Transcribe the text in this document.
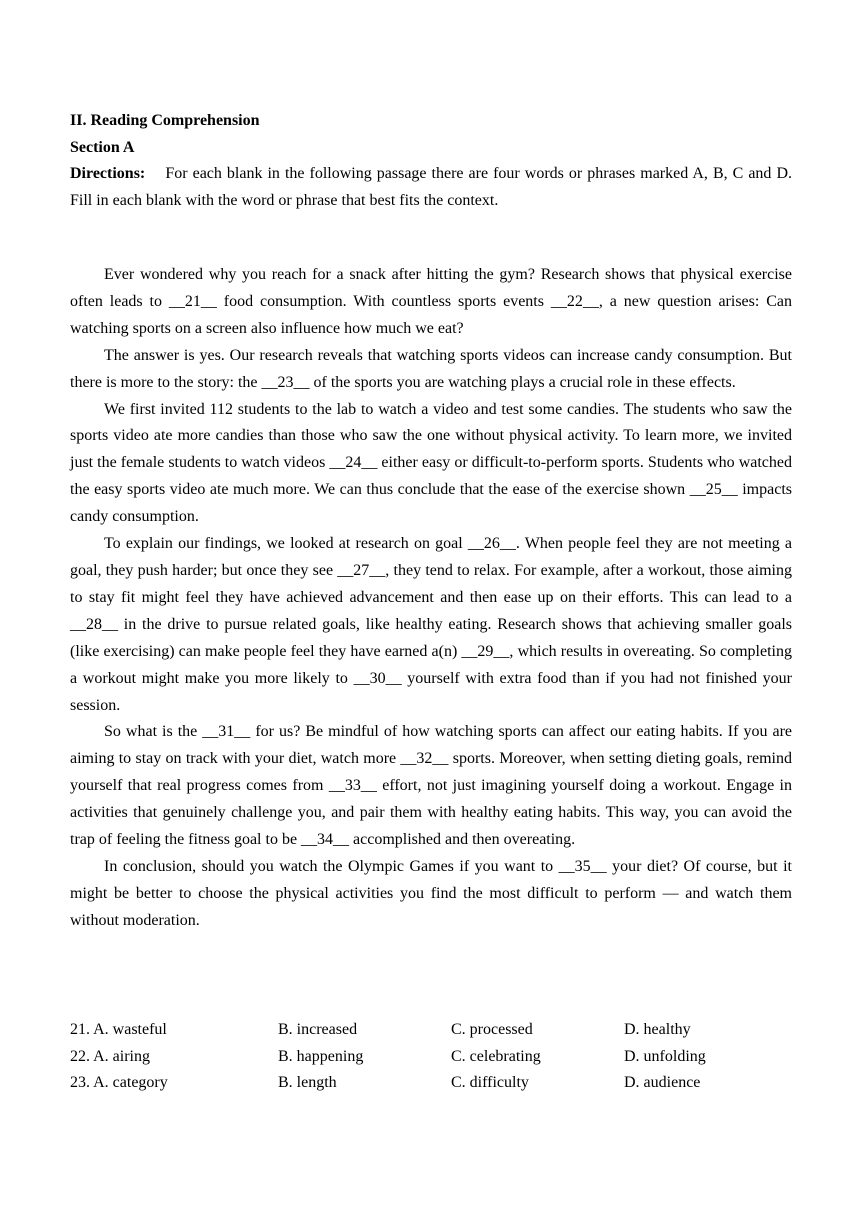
II. Reading Comprehension
Section A
Directions: For each blank in the following passage there are four words or phrases marked A, B, C and D. Fill in each blank with the word or phrase that best fits the context.

Ever wondered why you reach for a snack after hitting the gym? Research shows that physical exercise often leads to __21__ food consumption. With countless sports events __22__, a new question arises: Can watching sports on a screen also influence how much we eat?

The answer is yes. Our research reveals that watching sports videos can increase candy consumption. But there is more to the story: the __23__ of the sports you are watching plays a crucial role in these effects.

We first invited 112 students to the lab to watch a video and test some candies. The students who saw the sports video ate more candies than those who saw the one without physical activity. To learn more, we invited just the female students to watch videos __24__ either easy or difficult-to-perform sports. Students who watched the easy sports video ate much more. We can thus conclude that the ease of the exercise shown __25__ impacts candy consumption.

To explain our findings, we looked at research on goal __26__. When people feel they are not meeting a goal, they push harder; but once they see __27__, they tend to relax. For example, after a workout, those aiming to stay fit might feel they have achieved advancement and then ease up on their efforts. This can lead to a __28__ in the drive to pursue related goals, like healthy eating. Research shows that achieving smaller goals (like exercising) can make people feel they have earned a(n) __29__, which results in overeating. So completing a workout might make you more likely to __30__ yourself with extra food than if you had not finished your session.

So what is the __31__ for us? Be mindful of how watching sports can affect our eating habits. If you are aiming to stay on track with your diet, watch more __32__ sports. Moreover, when setting dieting goals, remind yourself that real progress comes from __33__ effort, not just imagining yourself doing a workout. Engage in activities that genuinely challenge you, and pair them with healthy eating habits. This way, you can avoid the trap of feeling the fitness goal to be __34__ accomplished and then overeating.

In conclusion, should you watch the Olympic Games if you want to __35__ your diet? Of course, but it might be better to choose the physical activities you find the most difficult to perform — and watch them without moderation.

21. A. wasteful	B. increased	C. processed	D. healthy
22. A. airing	B. happening	C. celebrating	D. unfolding
23. A. category	B. length	C. difficulty	D. audience
